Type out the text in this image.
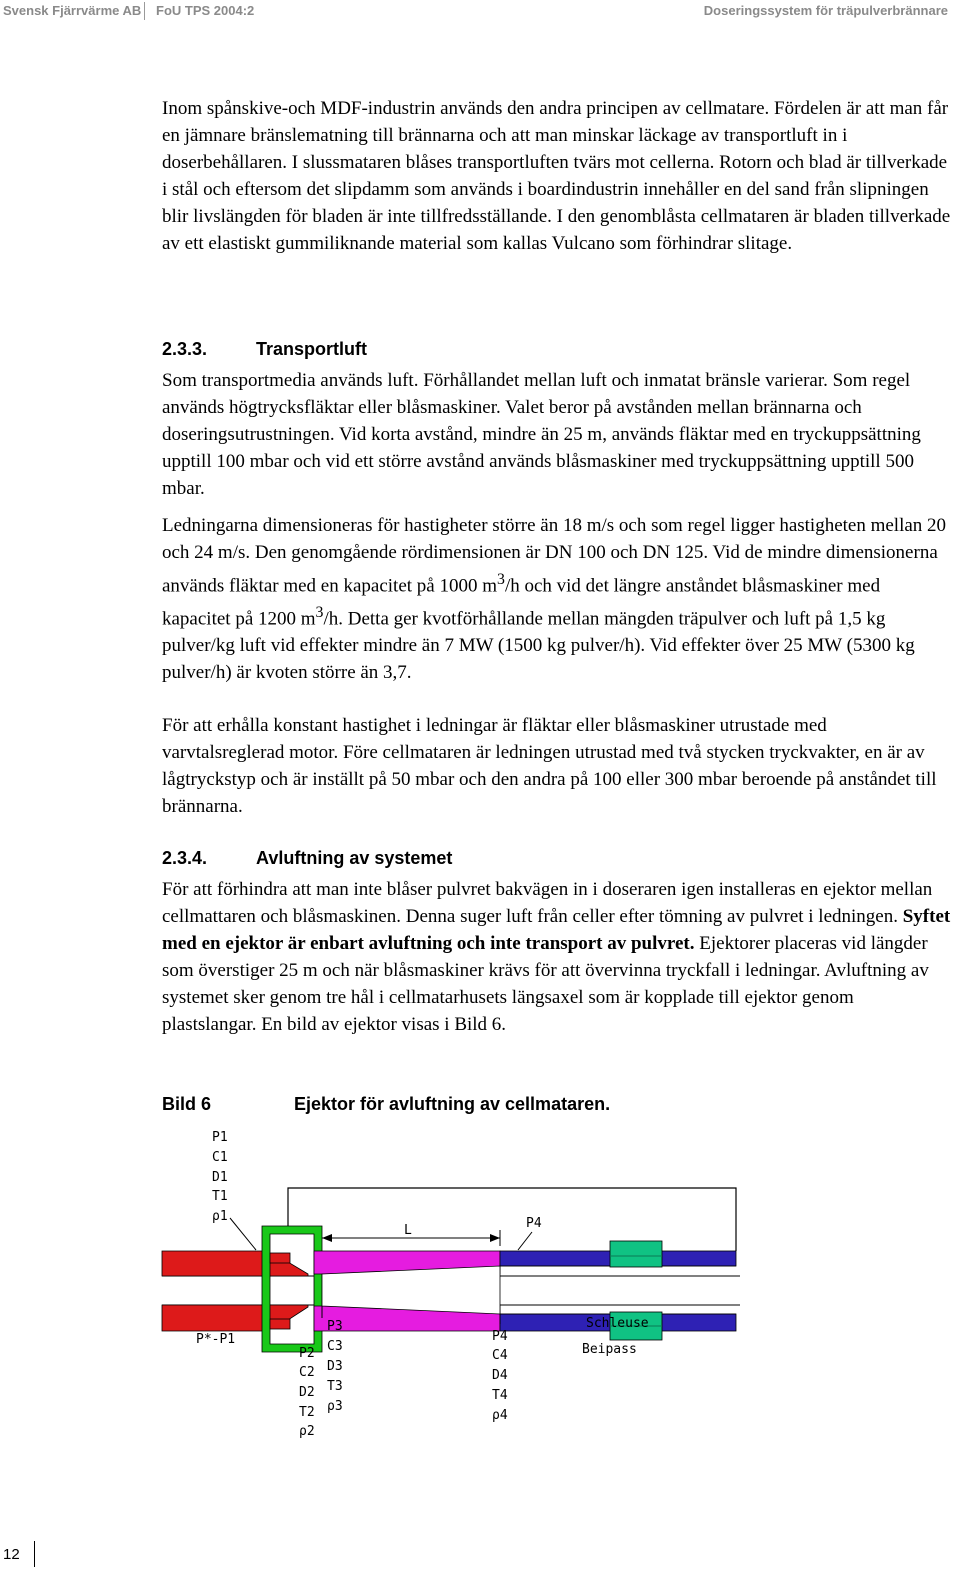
Svensk Fjärrvärme AB FoU TPS 2004:2	Doseringssystem för träpulverbrännare

Inom spånskive-och MDF-industrin används den andra principen av cellmatare. Fördelen är att man får en jämnare bränslematning till brännarna och att man minskar läckage av transportluft in i doserbehållaren. I slussmataren blåses transportluften tvärs mot cellerna. Rotorn och blad är tillverkade i stål och eftersom det slipdamm som används i boardindustrin innehåller en del sand från slipningen blir livslängden för bladen är inte tillfredsställande. I den genomblåsta cellmataren är bladen tillverkade av ett elastiskt gummiliknande material som kallas Vulcano som förhindrar slitage.

2.3.3.	Transportluft

Som transportmedia används luft. Förhållandet mellan luft och inmatat bränsle varierar. Som regel används högtrycksfläktar eller blåsmaskiner. Valet beror på avstånden mellan brännarna och doseringsutrustningen. Vid korta avstånd, mindre än 25 m, används fläktar med en tryckuppsättning upptill 100 mbar och vid ett större avstånd används blåsmaskiner med tryckuppsättning upptill 500 mbar.

Ledningarna dimensioneras för hastigheter större än 18 m/s och som regel ligger hastigheten mellan 20 och 24 m/s. Den genomgående rördimensionen är DN 100 och DN 125. Vid de mindre dimensionerna används fläktar med en kapacitet på 1000 $m^3/h$ och vid det längre anståndet blåsmaskiner med kapacitet på 1200 $m^3/h$. Detta ger kvotförhållande mellan mängden träpulver och luft på 1,5 kg pulver/kg luft vid effekter mindre än 7 MW (1500 kg pulver/h). Vid effekter över 25 MW (5300 kg pulver/h) är kvoten större än 3,7.

För att erhålla konstant hastighet i ledningar är fläktar eller blåsmaskiner utrustade med varvtalsreglerad motor. Före cellmataren är ledningen utrustad med två stycken tryckvakter, en är av lågtryckstyp och är inställt på 50 mbar och den andra på 100 eller 300 mbar beroende på anståndet till brännarna.

2.3.4.	Avluftning av systemet

För att förhindra att man inte blåser pulvret bakvägen in i doseraren igen installeras en ejektor mellan cellmattaren och blåsmaskinen. Denna suger luft från celler efter tömning av pulvret i ledningen. Syftet med en ejektor är enbart avluftning och inte transport av pulvret. Ejektorer placeras vid längder som överstiger 25 m och när blåsmaskiner krävs för att övervinna tryckfall i ledningar. Avluftning av systemet sker genom tre hål i cellmatarhusets längsaxel som är kopplade till ejektor genom plastslangar. En bild av ejektor visas i Bild 6.

Bild 6	Ejektor för avluftning av cellmataren.
P1
C1
D1
T1
ρ1
L	P4
P*-P1
P2
C2
D2
T2
ρ2
P3
C3
D3
T3
ρ3
P4
C4
D4
T4
ρ4
Schleuse
Beipass
12
